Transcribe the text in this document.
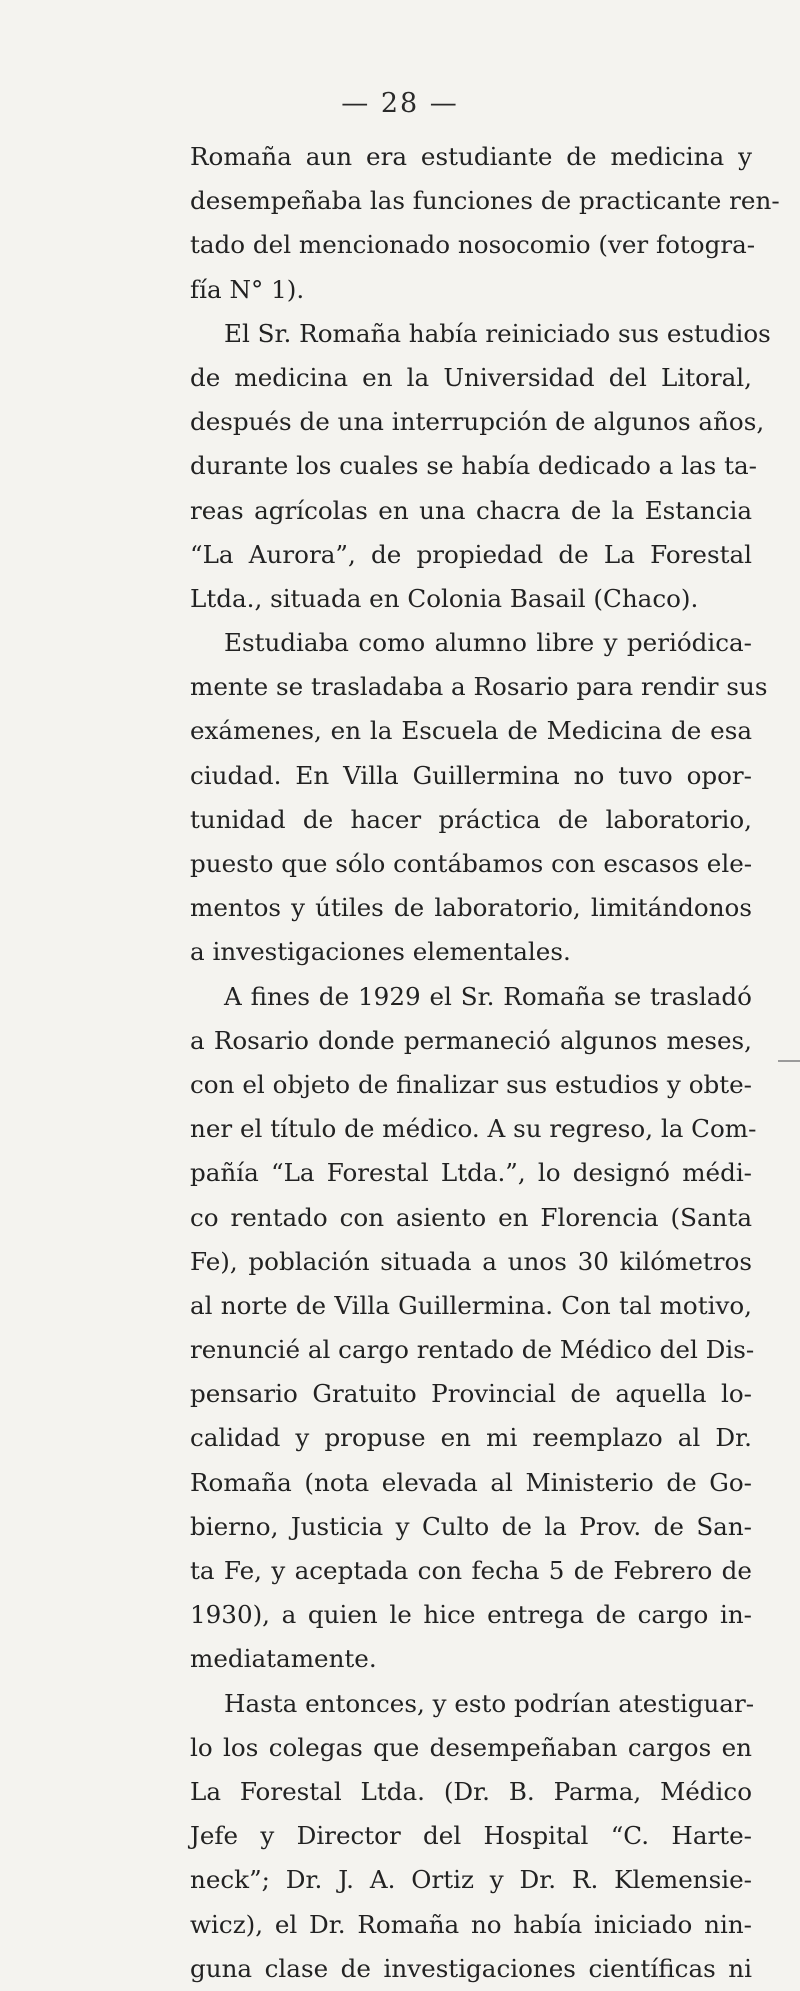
— 28 —
Romaña aun era estudiante de medicina y
desempeñaba las funciones de practicante ren-
tado del mencionado nosocomio (ver fotogra-
fía N° 1).
El Sr. Romaña había reiniciado sus estudios
de medicina en la Universidad del Litoral,
después de una interrupción de algunos años,
durante los cuales se había dedicado a las ta-
reas agrícolas en una chacra de la Estancia
“La Aurora”, de propiedad de La Forestal
Ltda., situada en Colonia Basail (Chaco).
Estudiaba como alumno libre y periódica-
mente se trasladaba a Rosario para rendir sus
exámenes, en la Escuela de Medicina de esa
ciudad. En Villa Guillermina no tuvo opor-
tunidad de hacer práctica de laboratorio,
puesto que sólo contábamos con escasos ele-
mentos y útiles de laboratorio, limitándonos
a investigaciones elementales.
A fines de 1929 el Sr. Romaña se trasladó
a Rosario donde permaneció algunos meses,
con el objeto de finalizar sus estudios y obte-
ner el título de médico. A su regreso, la Com-
pañía “La Forestal Ltda.”, lo designó médi-
co rentado con asiento en Florencia (Santa
Fe), población situada a unos 30 kilómetros
al norte de Villa Guillermina. Con tal motivo,
renuncié al cargo rentado de Médico del Dis-
pensario Gratuito Provincial de aquella lo-
calidad y propuse en mi reemplazo al Dr.
Romaña (nota elevada al Ministerio de Go-
bierno, Justicia y Culto de la Prov. de San-
ta Fe, y aceptada con fecha 5 de Febrero de
1930), a quien le hice entrega de cargo in-
mediatamente.
Hasta entonces, y esto podrían atestiguar-
lo los colegas que desempeñaban cargos en
La Forestal Ltda. (Dr. B. Parma, Médico
Jefe y Director del Hospital “C. Harte-
neck”; Dr. J. A. Ortiz y Dr. R. Klemensie-
wicz), el Dr. Romaña no había iniciado nin-
guna clase de investigaciones científicas ni
